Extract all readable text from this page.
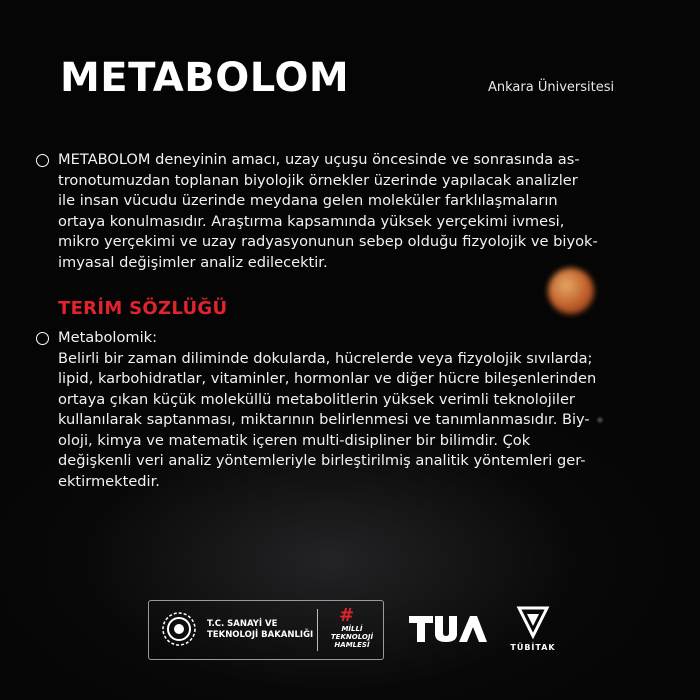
METABOLOM	Ankara Üniversitesi
METABOLOM deneyinin amacı, uzay uçuşu öncesinde ve sonrasında as-
tronotumuzdan toplanan biyolojik örnekler üzerinde yapılacak analizler
ile insan vücudu üzerinde meydana gelen moleküler farklılaşmaların
ortaya konulmasıdır. Araştırma kapsamında yüksek yerçekimi ivmesi,
mikro yerçekimi ve uzay radyasyonunun sebep olduğu fizyolojik ve biyok-
imyasal değişimler analiz edilecektir.
TERİM SÖZLÜĞÜ
Metabolomik:
Belirli bir zaman diliminde dokularda, hücrelerde veya fizyolojik sıvılarda;
lipid, karbohidratlar, vitaminler, hormonlar ve diğer hücre bileşenlerinden
ortaya çıkan küçük moleküllü metabolitlerin yüksek verimli teknolojiler
kullanılarak saptanması, miktarının belirlenmesi ve tanımlanmasıdır. Biy-
oloji, kimya ve matematik içeren multi-disipliner bir bilimdir. Çok
değişkenli veri analiz yöntemleriyle birleştirilmiş analitik yöntemleri ger-
ektirmektedir.
T.C. SANAYİ VE
TEKNOLOJİ BAKANLIĞI
#
MİLLİ
TEKNOLOJİ
HAMLESİ	TÜBİTAK
